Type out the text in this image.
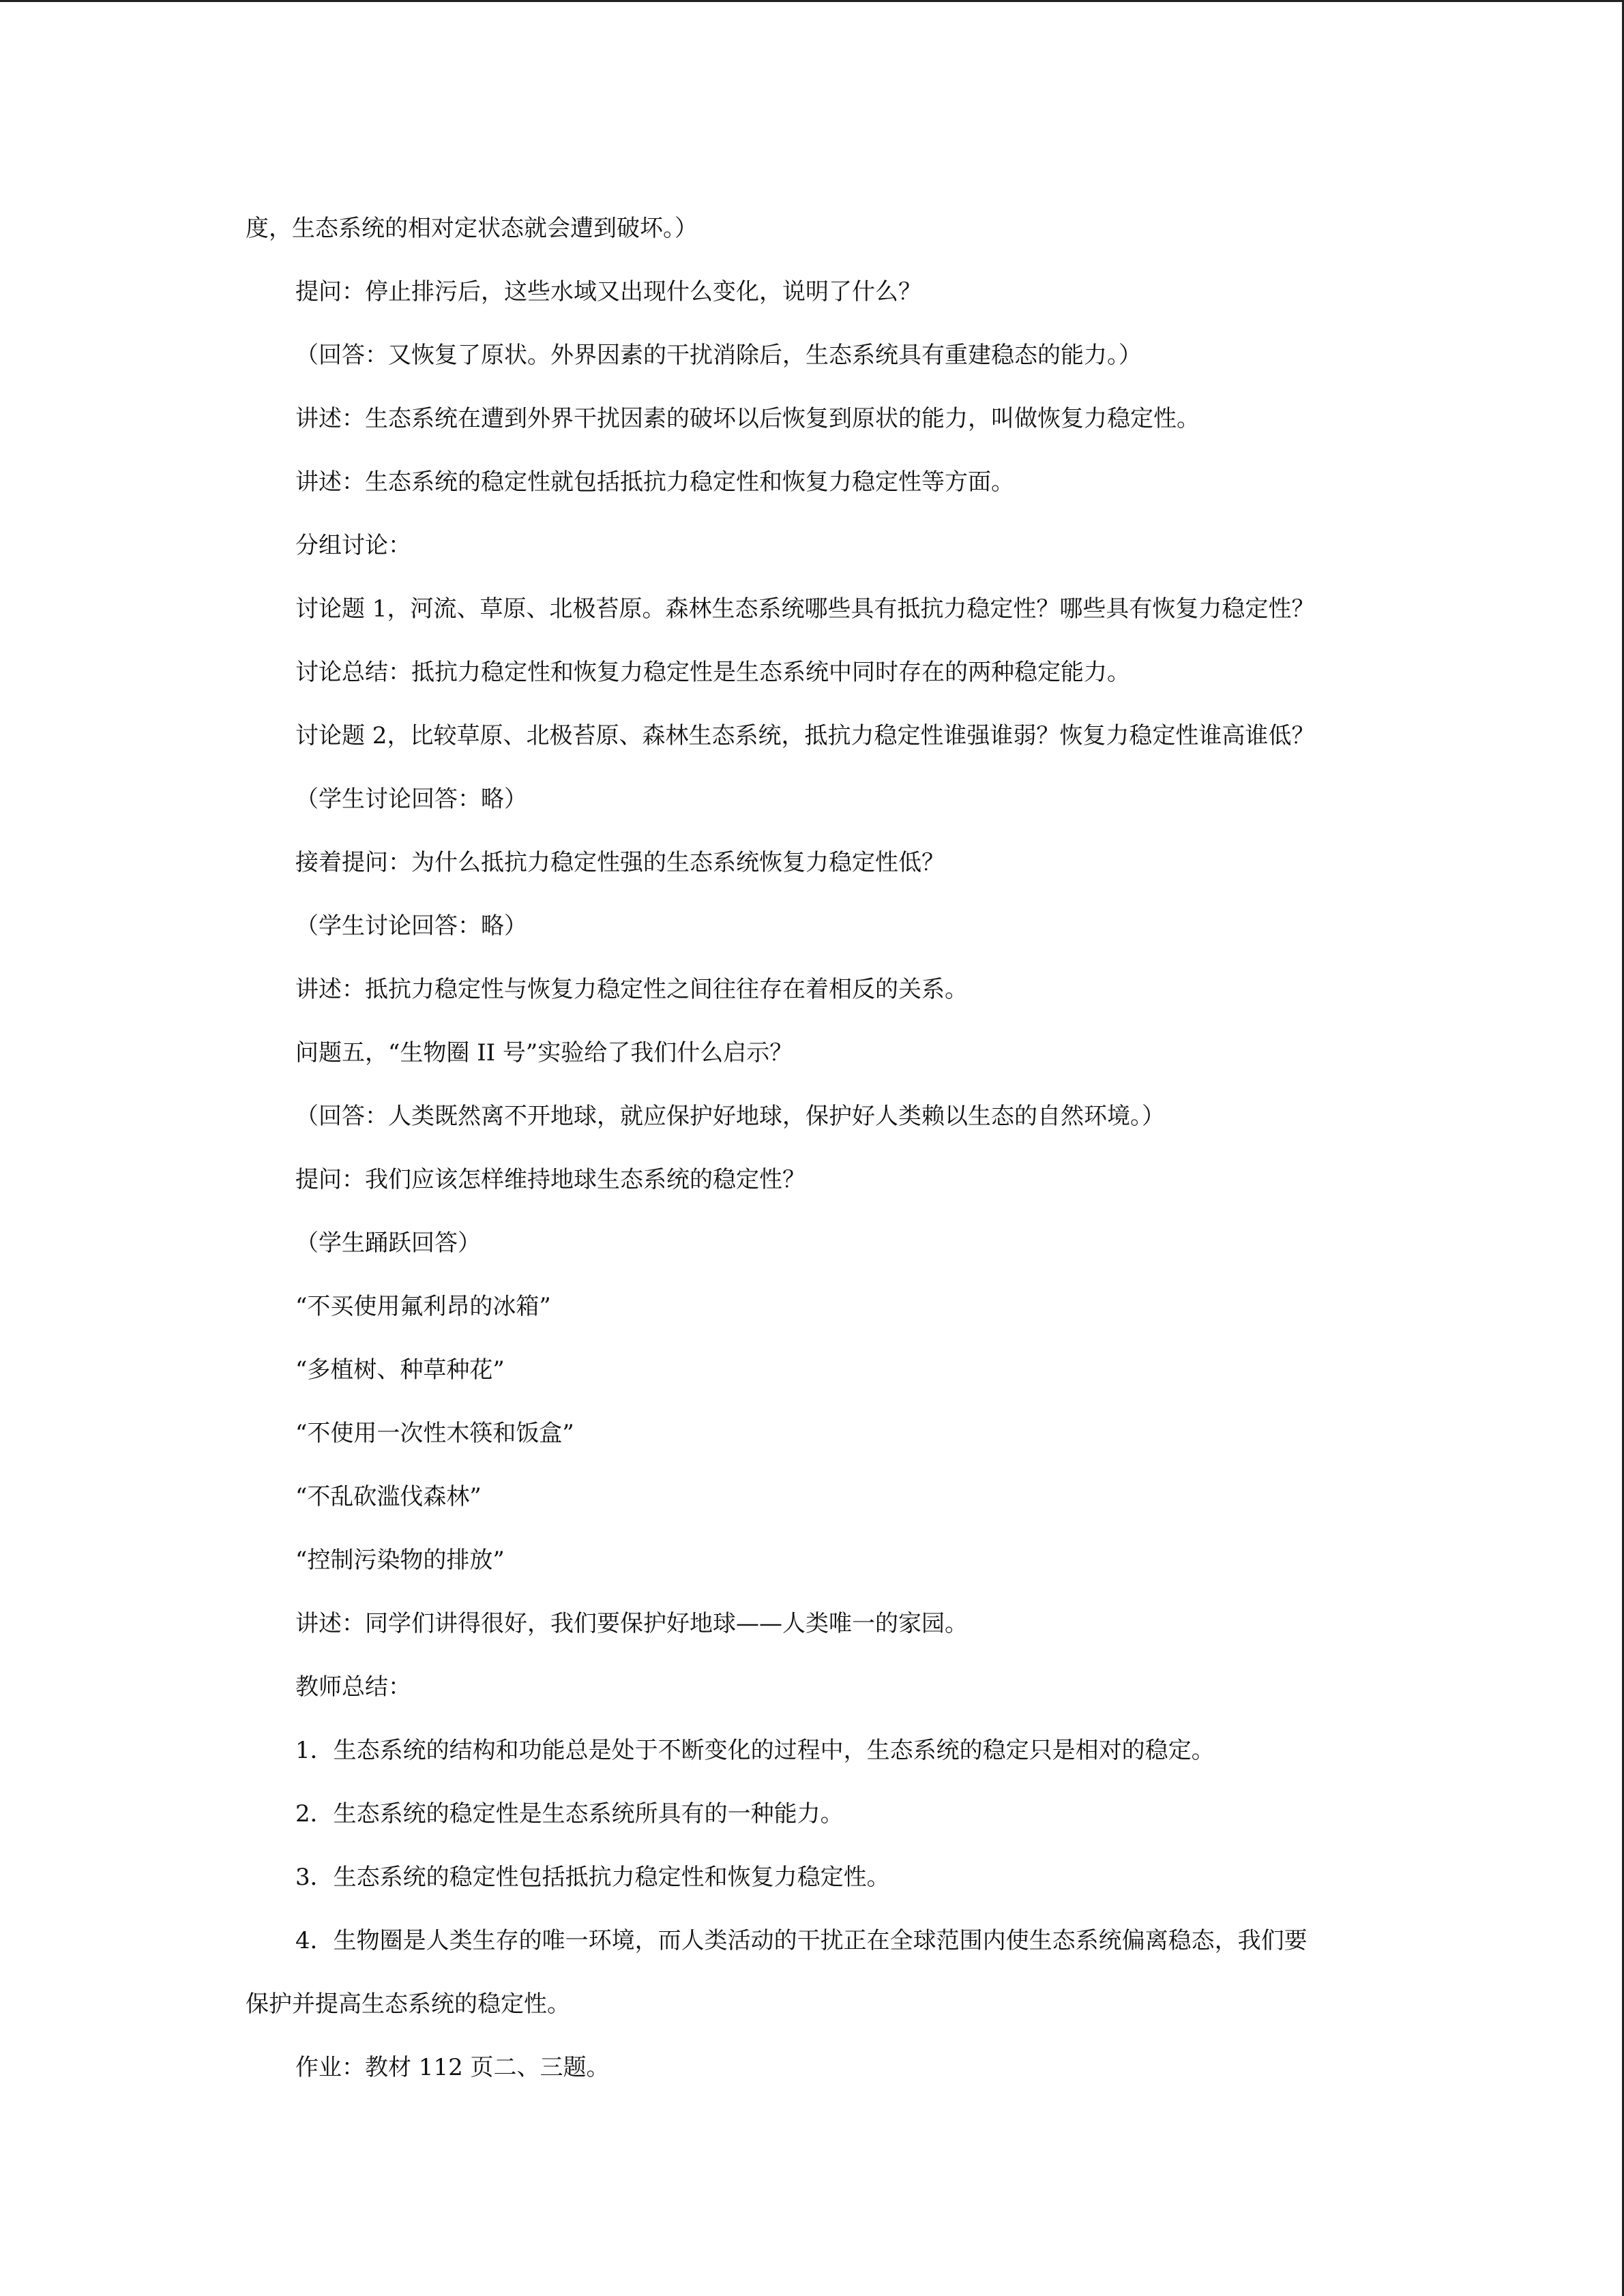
度，生态系统的相对定状态就会遭到破坏。）

提问：停止排污后，这些水域又出现什么变化，说明了什么？

（回答：又恢复了原状。外界因素的干扰消除后，生态系统具有重建稳态的能力。）

讲述：生态系统在遭到外界干扰因素的破坏以后恢复到原状的能力，叫做恢复力稳定性。

讲述：生态系统的稳定性就包括抵抗力稳定性和恢复力稳定性等方面。

分组讨论：

讨论题 1，河流、草原、北极苔原。森林生态系统哪些具有抵抗力稳定性？哪些具有恢复力稳定性？

讨论总结：抵抗力稳定性和恢复力稳定性是生态系统中同时存在的两种稳定能力。

讨论题 2，比较草原、北极苔原、森林生态系统，抵抗力稳定性谁强谁弱？恢复力稳定性谁高谁低？

（学生讨论回答：略）

接着提问：为什么抵抗力稳定性强的生态系统恢复力稳定性低？

（学生讨论回答：略）

讲述：抵抗力稳定性与恢复力稳定性之间往往存在着相反的关系。

问题五，“生物圈 II 号”实验给了我们什么启示？

（回答：人类既然离不开地球，就应保护好地球，保护好人类赖以生态的自然环境。）

提问：我们应该怎样维持地球生态系统的稳定性？

（学生踊跃回答）

“不买使用氟利昂的冰箱”

“多植树、种草种花”

“不使用一次性木筷和饭盒”

“不乱砍滥伐森林”

“控制污染物的排放”

讲述：同学们讲得很好，我们要保护好地球——人类唯一的家园。

教师总结：

1．生态系统的结构和功能总是处于不断变化的过程中，生态系统的稳定只是相对的稳定。

2．生态系统的稳定性是生态系统所具有的一种能力。

3．生态系统的稳定性包括抵抗力稳定性和恢复力稳定性。

4．生物圈是人类生存的唯一环境，而人类活动的干扰正在全球范围内使生态系统偏离稳态，我们要

保护并提高生态系统的稳定性。

作业：教材 112 页二、三题。
